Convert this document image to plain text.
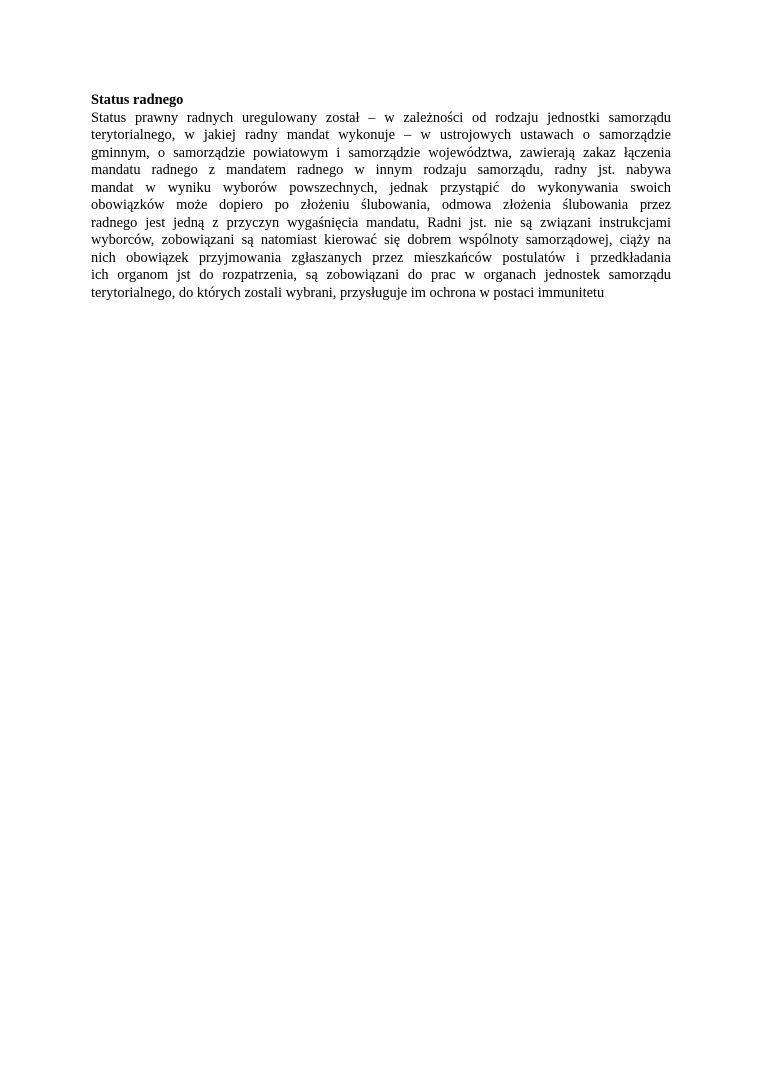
Status radnego

Status prawny radnych uregulowany został – w zależności od rodzaju jednostki samorządu
terytorialnego, w jakiej radny mandat wykonuje – w ustrojowych ustawach o samorządzie
gminnym, o samorządzie powiatowym i samorządzie województwa, zawierają zakaz łączenia
mandatu radnego z mandatem radnego w innym rodzaju samorządu, radny jst. nabywa
mandat w wyniku wyborów powszechnych, jednak przystąpić do wykonywania swoich
obowiązków może dopiero po złożeniu ślubowania, odmowa złożenia ślubowania przez
radnego jest jedną z przyczyn wygaśnięcia mandatu, Radni jst. nie są związani instrukcjami
wyborców, zobowiązani są natomiast kierować się dobrem wspólnoty samorządowej, ciąży na
nich obowiązek przyjmowania zgłaszanych przez mieszkańców postulatów i przedkładania
ich organom jst do rozpatrzenia, są zobowiązani do prac w organach jednostek samorządu
terytorialnego, do których zostali wybrani, przysługuje im ochrona w postaci immunitetu
